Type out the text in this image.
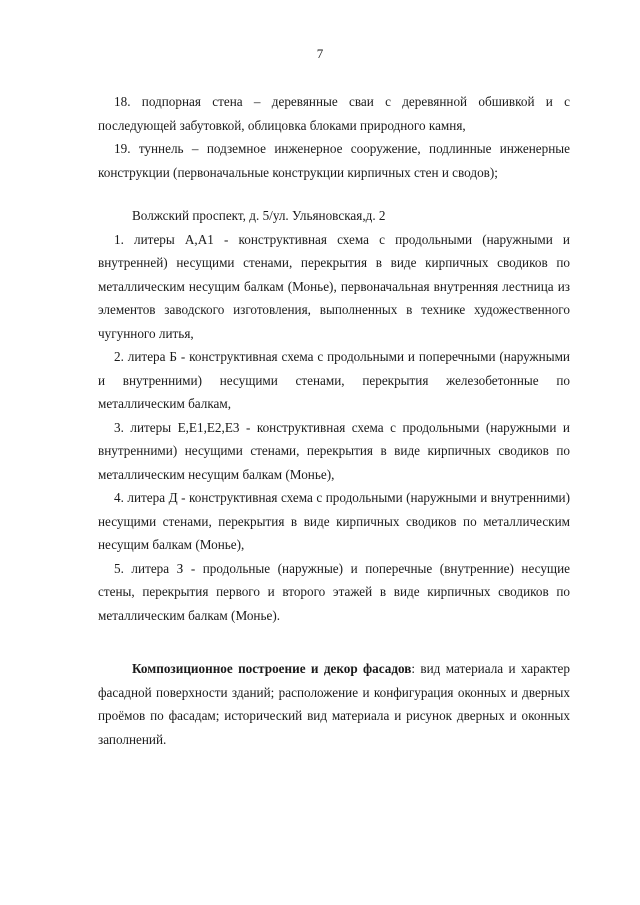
7

18. подпорная стена – деревянные сваи с деревянной обшивкой и с последующей забутовкой, облицовка блоками природного камня,

19. туннель – подземное инженерное сооружение, подлинные инженерные конструкции (первоначальные конструкции кирпичных стен и сводов);

Волжский проспект, д. 5/ул. Ульяновская,д. 2

1. литеры А,А1 - конструктивная схема с продольными (наружными и внутренней) несущими стенами, перекрытия в виде кирпичных сводиков по металлическим несущим балкам (Монье), первоначальная внутренняя лестница из элементов заводского изготовления, выполненных в технике художественного чугунного литья,

2. литера Б - конструктивная схема с продольными и поперечными (наружными и внутренними) несущими стенами, перекрытия железобетонные по металлическим балкам,

3. литеры Е,Е1,Е2,Е3 - конструктивная схема с продольными (наружными и внутренними) несущими стенами, перекрытия в виде кирпичных сводиков по металлическим несущим балкам (Монье),

4. литера Д - конструктивная схема с продольными (наружными и внутренними) несущими стенами, перекрытия в виде кирпичных сводиков по металлическим несущим балкам (Монье),

5. литера З - продольные (наружные) и поперечные (внутренние) несущие стены, перекрытия первого и второго этажей в виде кирпичных сводиков по металлическим балкам (Монье).

Композиционное построение и декор фасадов: вид материала и характер фасадной поверхности зданий; расположение и конфигурация оконных и дверных проёмов по фасадам; исторический вид материала и рисунок дверных и оконных заполнений.
